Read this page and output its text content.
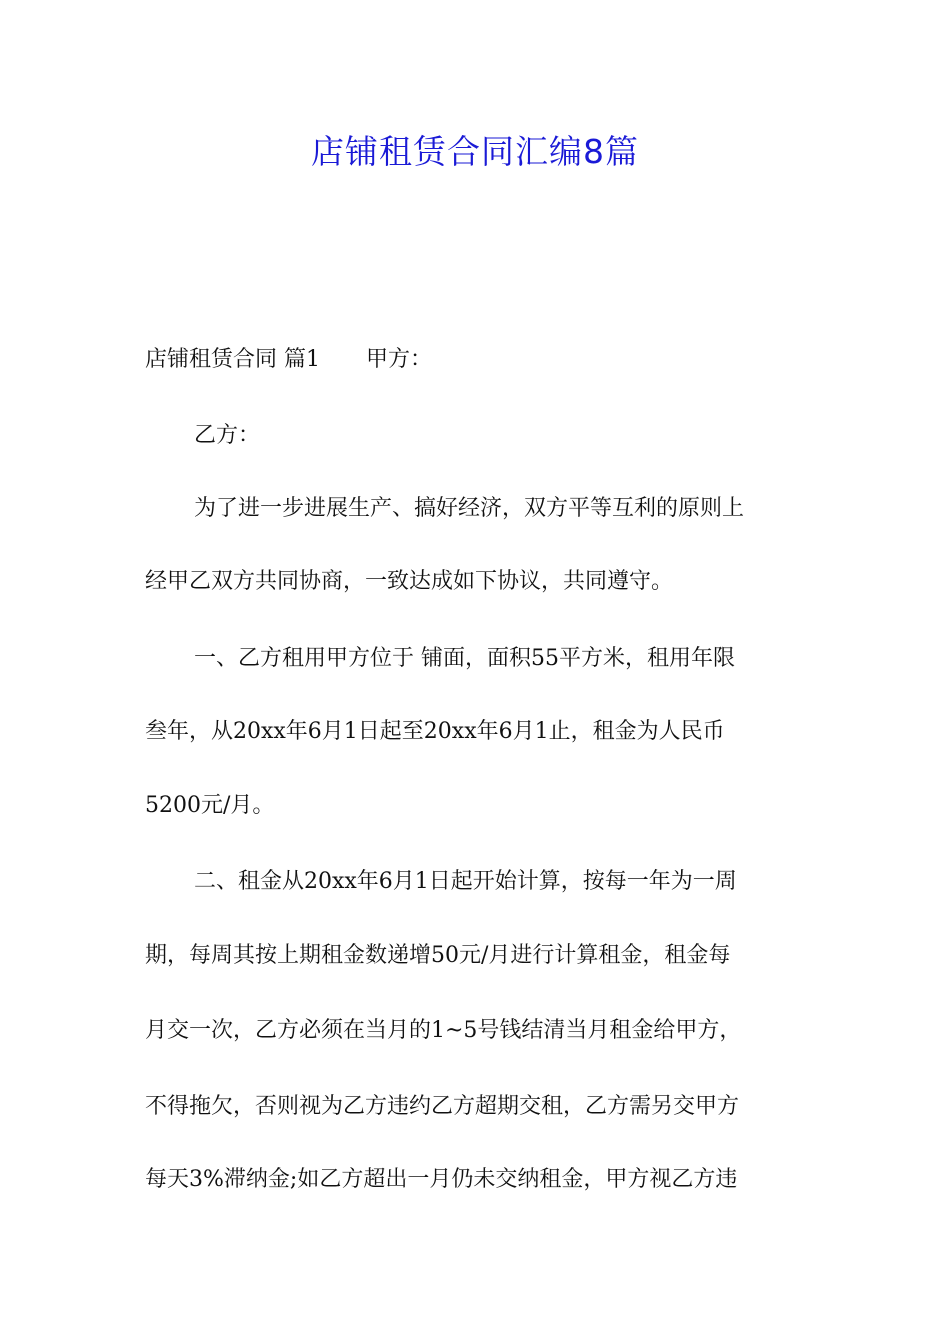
店铺租赁合同汇编8篇
店铺租赁合同 篇1 甲方：
乙方：
为了进一步进展生产、搞好经济，双方平等互利的原则上
经甲乙双方共同协商，一致达成如下协议，共同遵守。
一、乙方租用甲方位于 铺面，面积55平方米，租用年限
叁年，从20xx年6月1日起至20xx年6月1止，租金为人民币
5200元/月。
二、租金从20xx年6月1日起开始计算，按每一年为一周
期，每周其按上期租金数递增50元/月进行计算租金，租金每
月交一次，乙方必须在当月的1~5号钱结清当月租金给甲方，
不得拖欠，否则视为乙方违约乙方超期交租，乙方需另交甲方
每天3%滞纳金;如乙方超出一月仍未交纳租金，甲方视乙方违
